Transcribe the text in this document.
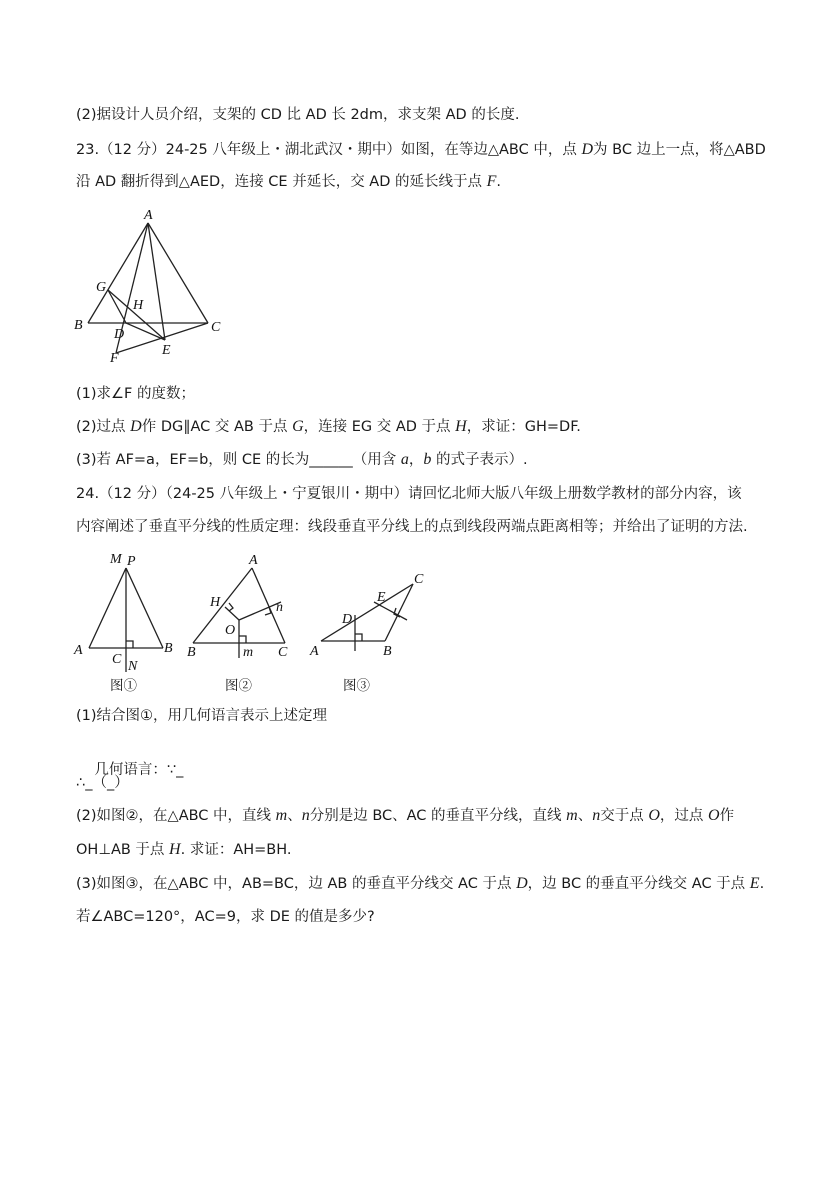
(2)据设计人员介绍，支架的 CD 比 AD 长 2dm，求支架 AD 的长度.
23.（12 分）24-25 八年级上・湖北武汉・期中）如图，在等边△ABC 中，点 D为 BC 边上一点，将△ABD
沿 AD 翻折得到△AED，连接 CE 并延长，交 AD 的延长线于点 F.
A
B	C
D
E
F
G
H
(1)求∠F 的度数；
(2)过点 D作 DG∥AC 交 AB 于点 G，连接 EG 交 AD 于点 H，求证：GH=DF.
(3)若 AF=a，EF=b，则 CE 的长为______（用含 a，b 的式子表示）.
24.（12 分）（24-25 八年级上・宁夏银川・期中）请回忆北师大版八年级上册数学教材的部分内容，该
内容阐述了垂直平分线的性质定理：线段垂直平分线上的点到线段两端点距离相等；并给出了证明的方法.
M P
A	B
C N
图①
A
H	n
O
B	m C
图②
C
E
D
A	B
图③
(1)结合图①，用几何语言表示上述定理

几何语言：∵_

∴_（_）
(2)如图②，在△ABC 中，直线 m、n分别是边 BC、AC 的垂直平分线，直线 m、n交于点 O，过点 O作
OH⊥AB 于点 H. 求证：AH=BH.
(3)如图③，在△ABC 中，AB=BC，边 AB 的垂直平分线交 AC 于点 D，边 BC 的垂直平分线交 AC 于点 E.
若∠ABC=120°，AC=9，求 DE 的值是多少?
